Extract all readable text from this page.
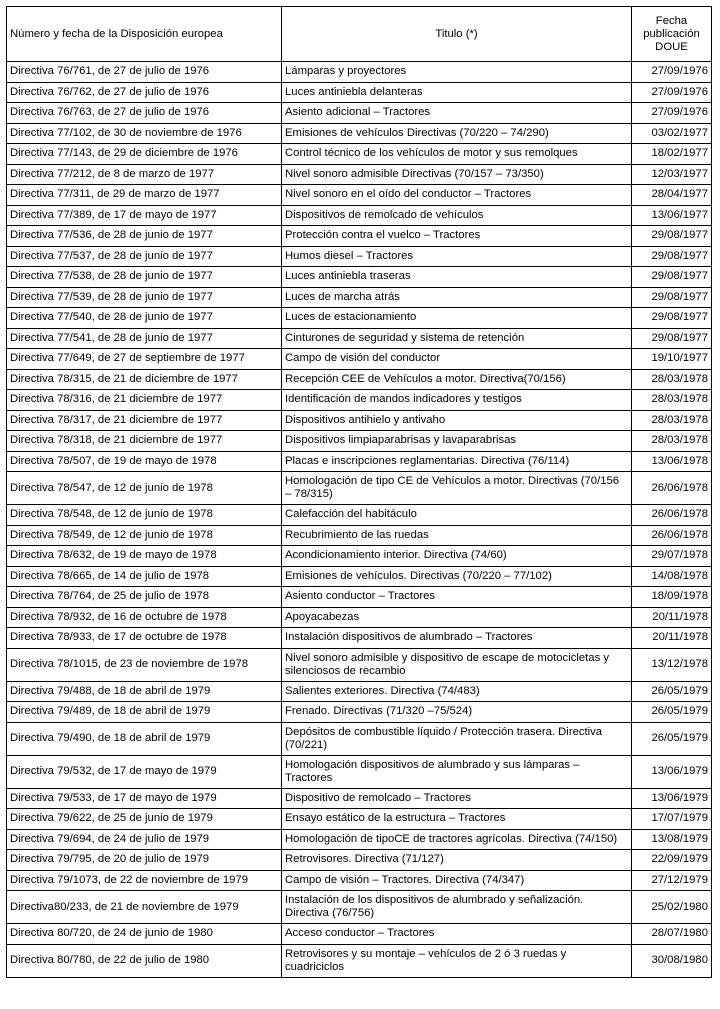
Número y fecha de la Disposición europea	Titulo (*)	Fecha publicación DOUE
Directiva 76/761, de 27 de julio de 1976	Lámparas y proyectores	27/09/1976
Directiva 76/762, de 27 de julio de 1976	Luces antiniebla delanteras	27/09/1976
Directiva 76/763, de 27 de julio de 1976	Asiento adicional – Tractores	27/09/1976
Directiva 77/102, de 30 de noviembre de 1976	Emisiones de vehículos Directivas (70/220 – 74/290)	03/02/1977
Directiva 77/143, de 29 de diciembre de 1976	Control técnico de los vehículos de motor y sus remolques	18/02/1977
Directiva 77/212, de 8 de marzo de 1977	Nivel sonoro admisible Directivas (70/157 – 73/350)	12/03/1977
Directiva 77/311, de 29 de marzo de 1977	Nivel sonoro en el oído del conductor – Tractores	28/04/1977
Directiva 77/389, de 17 de mayo de 1977	Dispositivos de remolcado de vehículos	13/06/1977
Directiva 77/536, de 28 de junio de 1977	Protección contra el vuelco – Tractores	29/08/1977
Directiva 77/537, de 28 de junio de 1977	Humos diesel – Tractores	29/08/1977
Directiva 77/538, de 28 de junio de 1977	Luces antiniebla traseras	29/08/1977
Directiva 77/539, de 28 de junio de 1977	Luces de marcha atrás	29/08/1977
Directiva 77/540, de 28 de junio de 1977	Luces de estacionamiento	29/08/1977
Directiva 77/541, de 28 de junio de 1977	Cinturones de seguridad y sistema de retención	29/08/1977
Directiva 77/649, de 27 de septiembre de 1977	Campo de visión del conductor	19/10/1977
Directiva 78/315, de 21 de diciembre de 1977	Recepción CEE de Vehículos a motor. Directiva(70/156)	28/03/1978
Directiva 78/316, de 21 diciembre de 1977	Identificación de mandos indicadores y testigos	28/03/1978
Directiva 78/317, de 21 diciembre de 1977	Dispositivos antihielo y antivaho	28/03/1978
Directiva 78/318, de 21 diciembre de 1977	Dispositivos limpiaparabrisas y lavaparabrisas	28/03/1978
Directiva 78/507, de 19 de mayo de 1978	Placas e inscripciones reglamentarias. Directiva (76/114)	13/06/1978
Directiva 78/547, de 12 de junio de 1978	Homologación de tipo CE de Vehículos a motor. Directivas (70/156 – 78/315)	26/06/1978
Directiva 78/548, de 12 de junio de 1978	Calefacción del habitáculo	26/06/1978
Directiva 78/549, de 12 de junio de 1978	Recubrimiento de las ruedas	26/06/1978
Directiva 78/632, de 19 de mayo de 1978	Acondicionamiento interior. Directiva (74/60)	29/07/1978
Directiva 78/665, de 14 de julio de 1978	Emisiones de vehículos. Directivas (70/220 – 77/102)	14/08/1978
Directiva 78/764, de 25 de julio de 1978	Asiento conductor – Tractores	18/09/1978
Directiva 78/932, de 16 de octubre de 1978	Apoyacabezas	20/11/1978
Directiva 78/933, de 17 de octubre de 1978	Instalación dispositivos de alumbrado – Tractores	20/11/1978
Directiva 78/1015, de 23 de noviembre de 1978	Nivel sonoro admisible y dispositivo de escape de motocicletas y silenciosos de recambio	13/12/1978
Directiva 79/488, de 18 de abril de 1979	Salientes exteriores. Directiva (74/483)	26/05/1979
Directiva 79/489, de 18 de abril de 1979	Frenado. Directivas (71/320 –75/524)	26/05/1979
Directiva 79/490, de 18 de abril de 1979	Depósitos de combustible líquido / Protección trasera. Directiva (70/221)	26/05/1979
Directiva 79/532, de 17 de mayo de 1979	Homologación dispositivos de alumbrado y sus lámparas – Tractores	13/06/1979
Directiva 79/533, de 17 de mayo de 1979	Dispositivo de remolcado – Tractores	13/06/1979
Directiva 79/622, de 25 de junio de 1979	Ensayo estático de la estructura – Tractores	17/07/1979
Directiva 79/694, de 24 de julio de 1979	Homologación de tipoCE de tractores agrícolas. Directiva (74/150)	13/08/1979
Directiva 79/795, de 20 de julio de 1979	Retrovisores. Directiva (71/127)	22/09/1979
Directiva 79/1073, de 22 de noviembre de 1979	Campo de visión – Tractores. Directiva (74/347)	27/12/1979
Directiva80/233, de 21 de noviembre de 1979	Instalación de los dispositivos de alumbrado y señalización. Directiva (76/756)	25/02/1980
Directiva 80/720, de 24 de junio de 1980	Acceso conductor – Tractores	28/07/1980
Directiva 80/780, de 22 de julio de 1980	Retrovisores y su montaje – vehículos de 2 ó 3 ruedas y cuadriciclos	30/08/1980
